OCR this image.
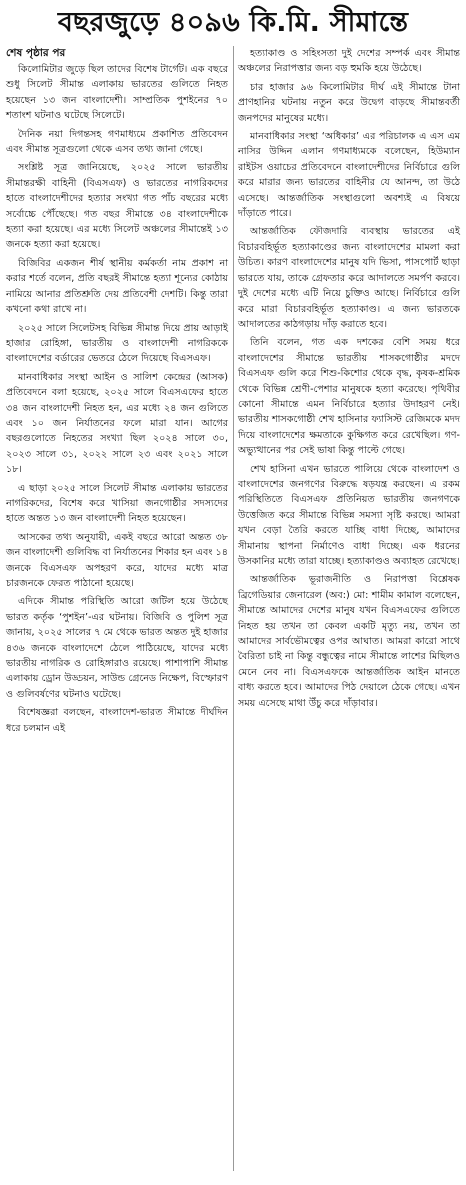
বছরজুড়ে ৪০৯৬ কি.মি. সীমান্তে
শেষ পৃষ্ঠার পর

কিলোমিটার জুড়ে ছিল তাদের বিশেষ টার্গেট। এক বছরে শুধু সিলেট সীমান্ত এলাকায় ভারতের গুলিতে নিহত হয়েছেন ১৩ জন বাংলাদেশী। সাম্প্রতিক পুশইনের ৭০ শতাংশ ঘটনাও ঘটেছে সিলেটে।

দৈনিক নয়া দিগন্তসহ গণমাধ্যমে প্রকাশিত প্রতিবেদন এবং সীমান্ত সূত্রগুলো থেকে এসব তথ্য জানা গেছে।

সংশ্লিষ্ট সূত্র জানিয়েছে, ২০২৫ সালে ভারতীয় সীমান্তরক্ষী বাহিনী (বিএসএফ) ও ভারতের নাগরিকদের হাতে বাংলাদেশীদের হত্যার সংখ্যা গত পাঁচ বছরের মধ্যে সর্বোচ্চে পৌঁছেছে। গত বছর সীমান্তে ৩৪ বাংলাদেশীকে হত্যা করা হয়েছে। এর মধ্যে সিলেট অঞ্চলের সীমান্তেই ১৩ জনকে হত্যা করা হয়েছে।

বিজিবির একজন শীর্ষ স্থানীয় কর্মকর্তা নাম প্রকাশ না করার শর্তে বলেন, প্রতি বছরই সীমান্তে হত্যা শূন্যের কোঠায় নামিয়ে আনার প্রতিশ্রুতি দেয় প্রতিবেশী দেশটি। কিন্তু তারা কখনো কথা রাখে না।

২০২৫ সালে সিলেটসহ বিভিন্ন সীমান্ত দিয়ে প্রায় আড়াই হাজার রোহিঙ্গা, ভারতীয় ও বাংলাদেশী নাগরিককে বাংলাদেশের বর্ডারের ভেতরে ঠেলে দিয়েছে বিএসএফ।

মানবাধিকার সংস্থা আইন ও সালিশ কেন্দ্রের (আসক) প্রতিবেদনে বলা হয়েছে, ২০২৫ সালে বিএসএফের হাতে ৩৪ জন বাংলাদেশী নিহত হন, এর মধ্যে ২৪ জন গুলিতে এবং ১০ জন নির্যাতনের ফলে মারা যান। আগের বছরগুলোতে নিহতের সংখ্যা ছিল ২০২৪ সালে ৩০, ২০২৩ সালে ৩১, ২০২২ সালে ২৩ এবং ২০২১ সালে ১৮।

এ ছাড়া ২০২৫ সালে সিলেট সীমান্ত এলাকায় ভারতের নাগরিকদের, বিশেষ করে খাসিয়া জনগোষ্ঠীর সদস্যদের হাতে অন্তত ১৩ জন বাংলাদেশী নিহত হয়েছেন।

আসকের তথ্য অনুযায়ী, একই বছরে আরো অন্তত ৩৮ জন বাংলাদেশী গুলিবিদ্ধ বা নির্যাতনের শিকার হন এবং ১৪ জনকে বিএসএফ অপহরণ করে, যাদের মধ্যে মাত্র চারজনকে ফেরত পাঠানো হয়েছে।

এদিকে সীমান্ত পরিস্থিতি আরো জটিল হয়ে উঠেছে ভারত কর্তৃক ‘পুশইন’-এর ঘটনায়। বিজিবি ও পুলিশ সূত্র জানায়, ২০২৫ সালের ৭ মে থেকে ভারত অন্তত দুই হাজার ৪৩৬ জনকে বাংলাদেশে ঠেলে পাঠিয়েছে, যাদের মধ্যে ভারতীয় নাগরিক ও রোহিঙ্গারাও রয়েছে। পাশাপাশি সীমান্ত এলাকায় ড্রোন উড্ডয়ন, সাউন্ড গ্রেনেড নিক্ষেপ, বিস্ফোরণ ও গুলিবর্ষণের ঘটনাও ঘটেছে।

বিশেষজ্ঞরা বলছেন, বাংলাদেশ-ভারত সীমান্তে দীর্ঘদিন ধরে চলমান এই

হত্যাকাণ্ড ও সহিংসতা দুই দেশের সম্পর্ক এবং সীমান্ত অঞ্চলের নিরাপত্তার জন্য বড় হুমকি হয়ে উঠেছে।

চার হাজার ৯৬ কিলোমিটার দীর্ঘ এই সীমান্তে টানা প্রাণহানির ঘটনায় নতুন করে উদ্বেগ বাড়ছে সীমান্তবর্তী জনপদের মানুষের মধ্যে।

মানবাধিকার সংস্থা ‘অধিকার’ এর পরিচালক এ এস এম নাসির উদ্দিন এলান গণমাধ্যমকে বলেছেন, হিউম্যান রাইটস ওয়াচের প্রতিবেদনে বাংলাদেশীদের নির্বিচারে গুলি করে মারার জন্য ভারতের বাহিনীর যে আনন্দ, তা উঠে এসেছে। আন্তর্জাতিক সংস্থাগুলো অবশ্যই এ বিষয়ে দাঁড়াতে পারে।

আন্তর্জাতিক ফৌজদারি ব্যবস্থায় ভারতের এই বিচারবহির্ভূত হত্যাকাণ্ডের জন্য বাংলাদেশের মামলা করা উচিত। কারণ বাংলাদেশের মানুষ যদি ভিসা, পাসপোর্ট ছাড়া ভারতে যায়, তাকে গ্রেফতার করে আদালতে সমর্পণ করবে। দুই দেশের মধ্যে এটি নিয়ে চুক্তিও আছে। নির্বিচারে গুলি করে মারা বিচারবহির্ভূত হত্যাকাণ্ড। এ জন্য ভারতকে আদালতের কাঠগড়ায় দাঁড় করাতে হবে।

তিনি বলেন, গত এক দশকের বেশি সময় ধরে বাংলাদেশের সীমান্তে ভারতীয় শাসকগোষ্ঠীর মদদে বিএসএফ গুলি করে শিশু-কিশোর থেকে বৃদ্ধ, কৃষক-শ্রমিক থেকে বিভিন্ন শ্রেণী-পেশার মানুষকে হত্যা করেছে। পৃথিবীর কোনো সীমান্তে এমন নির্বিচারে হত্যার উদাহরণ নেই। ভারতীয় শাসকগোষ্ঠী শেখ হাসিনার ফ্যাসিস্ট রেজিমকে মদদ দিয়ে বাংলাদেশের ক্ষমতাকে কুক্ষিগত করে রেখেছিল। গণ-অভ্যুত্থানের পর সেই ভাষা কিন্তু পাল্টে গেছে।

শেখ হাসিনা এখন ভারতে পালিয়ে থেকে বাংলাদেশ ও বাংলাদেশের জনগণের বিরুদ্ধে ষড়যন্ত্র করছেন। এ রকম পরিস্থিতিতে বিএসএফ প্রতিনিয়ত ভারতীয় জনগণকে উত্তেজিত করে সীমান্তে বিভিন্ন সমস্যা সৃষ্টি করছে। আমরা যখন বেড়া তৈরি করতে যাচ্ছি বাধা দিচ্ছে, আমাদের সীমানায় স্থাপনা নির্মাণেও বাধা দিচ্ছে। এক ধরনের উসকানির মধ্যে তারা যাচ্ছে। হত্যাকাণ্ডও অব্যাহত রেখেছে।

আন্তর্জাতিক ভূরাজনীতি ও নিরাপত্তা বিশ্লেষক ব্রিগেডিয়ার জেনারেল (অব:) মো: শামীম কামাল বলেছেন, সীমান্তে আমাদের দেশের মানুষ যখন বিএসএফের গুলিতে নিহত হয় তখন তা কেবল একটি মৃত্যু নয়, তখন তা আমাদের সার্বভৌমত্বের ওপর আঘাত। আমরা কারো সাথে বৈরিতা চাই না কিন্তু বন্ধুত্বের নামে সীমান্তে লাশের মিছিলও মেনে নেব না। বিএসএফকে আন্তর্জাতিক আইন মানতে বাধ্য করতে হবে। আমাদের পিঠ দেয়ালে ঠেকে গেছে। এখন সময় এসেছে মাথা উঁচু করে দাঁড়াবার।
